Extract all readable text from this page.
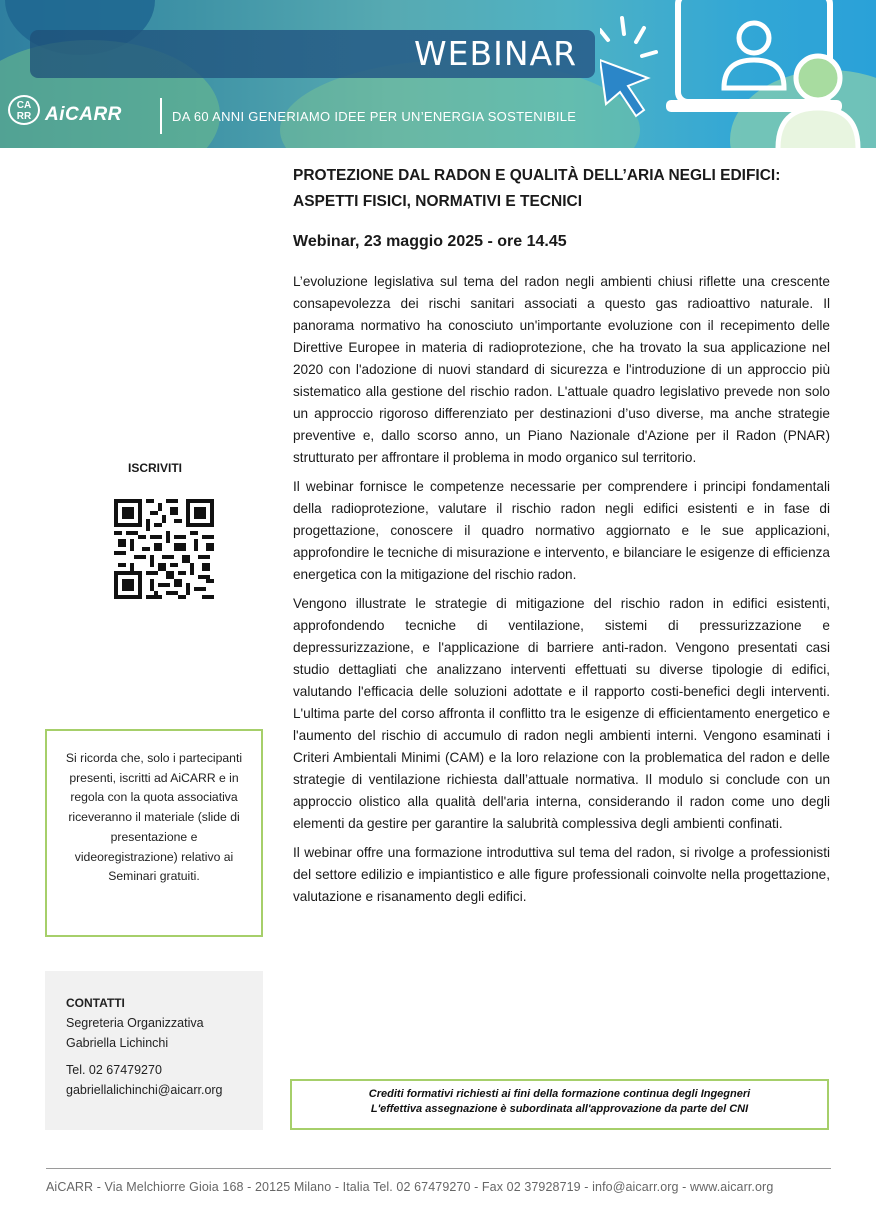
WEBINAR
CA RR AiCARR	DA 60 ANNI GENERIAMO IDEE PER UN’ENERGIA SOSTENIBILE
ISCRIVITI
Si ricorda che, solo i partecipanti presenti, iscritti ad AiCARR e in regola con la quota associativa riceveranno il materiale (slide di presentazione e videoregistrazione) relativo ai Seminari gratuiti.
CONTATTI
Segreteria Organizzativa
Gabriella Lichinchi
Tel. 02 67479270
gabriellalichinchi@aicarr.org
PROTEZIONE DAL RADON E QUALITÀ DELL’ARIA NEGLI EDIFICI:
ASPETTI FISICI, NORMATIVI E TECNICI
Webinar, 23 maggio 2025 - ore 14.45

L’evoluzione legislativa sul tema del radon negli ambienti chiusi riflette una crescente consapevolezza dei rischi sanitari associati a questo gas radioattivo naturale. Il panorama normativo ha conosciuto un'importante evoluzione con il recepimento delle Direttive Europee in materia di radioprotezione, che ha trovato la sua applicazione nel 2020 con l'adozione di nuovi standard di sicurezza e l'introduzione di un approccio più sistematico alla gestione del rischio radon. L'attuale quadro legislativo prevede non solo un approccio rigoroso differenziato per destinazioni d’uso diverse, ma anche strategie preventive e, dallo scorso anno, un Piano Nazionale d'Azione per il Radon (PNAR) strutturato per affrontare il problema in modo organico sul territorio.

Il webinar fornisce le competenze necessarie per comprendere i principi fondamentali della radioprotezione, valutare il rischio radon negli edifici esistenti e in fase di progettazione, conoscere il quadro normativo aggiornato e le sue applicazioni, approfondire le tecniche di misurazione e intervento, e bilanciare le esigenze di efficienza energetica con la mitigazione del rischio radon.

Vengono illustrate le strategie di mitigazione del rischio radon in edifici esistenti, approfondendo tecniche di ventilazione, sistemi di pressurizzazione e depressurizzazione, e l'applicazione di barriere anti-radon. Vengono presentati casi studio dettagliati che analizzano interventi effettuati su diverse tipologie di edifici, valutando l'efficacia delle soluzioni adottate e il rapporto costi-benefici degli interventi. L'ultima parte del corso affronta il conflitto tra le esigenze di efficientamento energetico e l'aumento del rischio di accumulo di radon negli ambienti interni. Vengono esaminati i Criteri Ambientali Minimi (CAM) e la loro relazione con la problematica del radon e delle strategie di ventilazione richiesta dall’attuale normativa. Il modulo si conclude con un approccio olistico alla qualità dell'aria interna, considerando il radon come uno degli elementi da gestire per garantire la salubrità complessiva degli ambienti confinati.

Il webinar offre una formazione introduttiva sul tema del radon, si rivolge a professionisti del settore edilizio e impiantistico e alle figure professionali coinvolte nella progettazione, valutazione e risanamento degli edifici.

Crediti formativi richiesti ai fini della formazione continua degli Ingegneri
L'effettiva assegnazione è subordinata all'approvazione da parte del CNI
AiCARR - Via Melchiorre Gioia 168 - 20125 Milano - Italia Tel. 02 67479270 - Fax 02 37928719 - info@aicarr.org - www.aicarr.org
